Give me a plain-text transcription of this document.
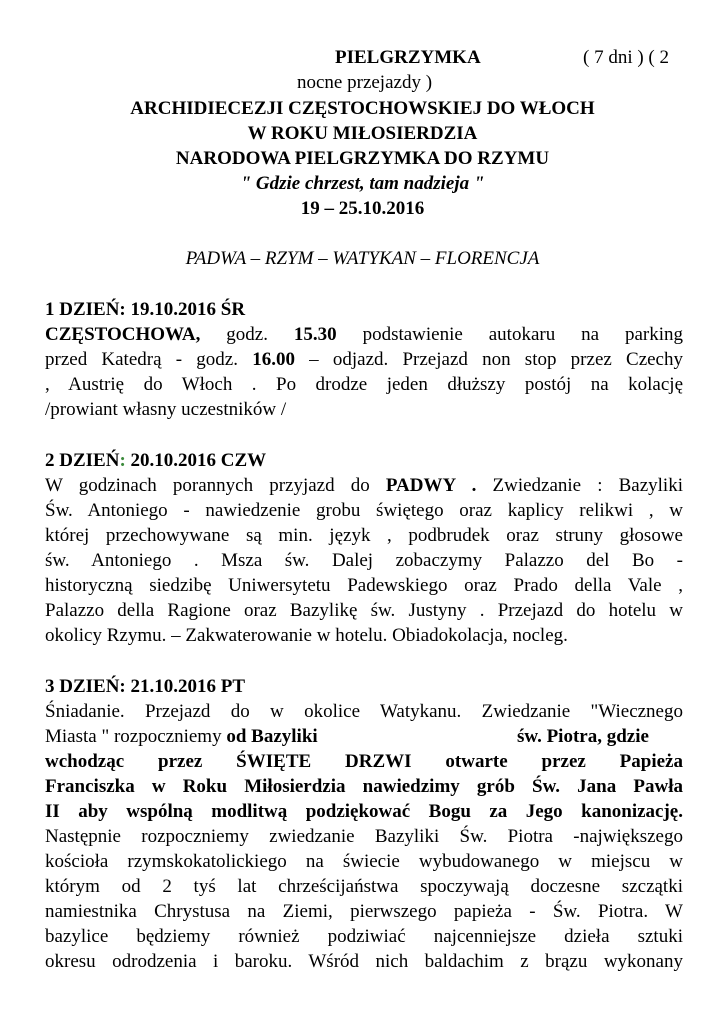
PIELGRZYMKA	( 7 dni ) ( 2
nocne przejazdy )
ARCHIDIECEZJI CZĘSTOCHOWSKIEJ DO WŁOCH
W ROKU MIŁOSIERDZIA
NARODOWA PIELGRZYMKA DO RZYMU
" Gdzie chrzest, tam nadzieja "
19 – 25.10.2016
PADWA – RZYM – WATYKAN – FLORENCJA
1 DZIEŃ: 19.10.2016 ŚR
CZĘSTOCHOWA, godz. 15.30 podstawienie autokaru na parking
przed Katedrą - godz. 16.00 – odjazd. Przejazd non stop przez Czechy
, Austrię do Włoch . Po drodze jeden dłuższy postój na kolację
/prowiant własny uczestników /
2 DZIEŃ: 20.10.2016 CZW
W godzinach porannych przyjazd do PADWY . Zwiedzanie : Bazyliki
Św. Antoniego - nawiedzenie grobu świętego oraz kaplicy relikwi , w
której przechowywane są min. język , podbrudek oraz struny głosowe
św. Antoniego . Msza św. Dalej zobaczymy Palazzo del Bo -
historyczną siedzibę Uniwersytetu Padewskiego oraz Prado della Vale ,
Palazzo della Ragione oraz Bazylikę św. Justyny . Przejazd do hotelu w
okolicy Rzymu. – Zakwaterowanie w hotelu. Obiadokolacja, nocleg.
3 DZIEŃ: 21.10.2016 PT
Śniadanie. Przejazd do w okolice Watykanu. Zwiedzanie "Wiecznego
Miasta " rozpoczniemy od Bazyliki	św. Piotra, gdzie
wchodząc przez ŚWIĘTE DRZWI otwarte przez Papieża
Franciszka w Roku Miłosierdzia nawiedzimy grób Św. Jana Pawła
II aby wspólną modlitwą podziękować Bogu za Jego kanonizację.
Następnie rozpoczniemy zwiedzanie Bazyliki Św. Piotra -największego
kościoła rzymskokatolickiego na świecie wybudowanego w miejscu w
którym od 2 tyś lat chrześcijaństwa spoczywają doczesne szczątki
namiestnika Chrystusa na Ziemi, pierwszego papieża - Św. Piotra. W
bazylice będziemy również podziwiać najcenniejsze dzieła sztuki
okresu odrodzenia i baroku. Wśród nich baldachim z brązu wykonany
